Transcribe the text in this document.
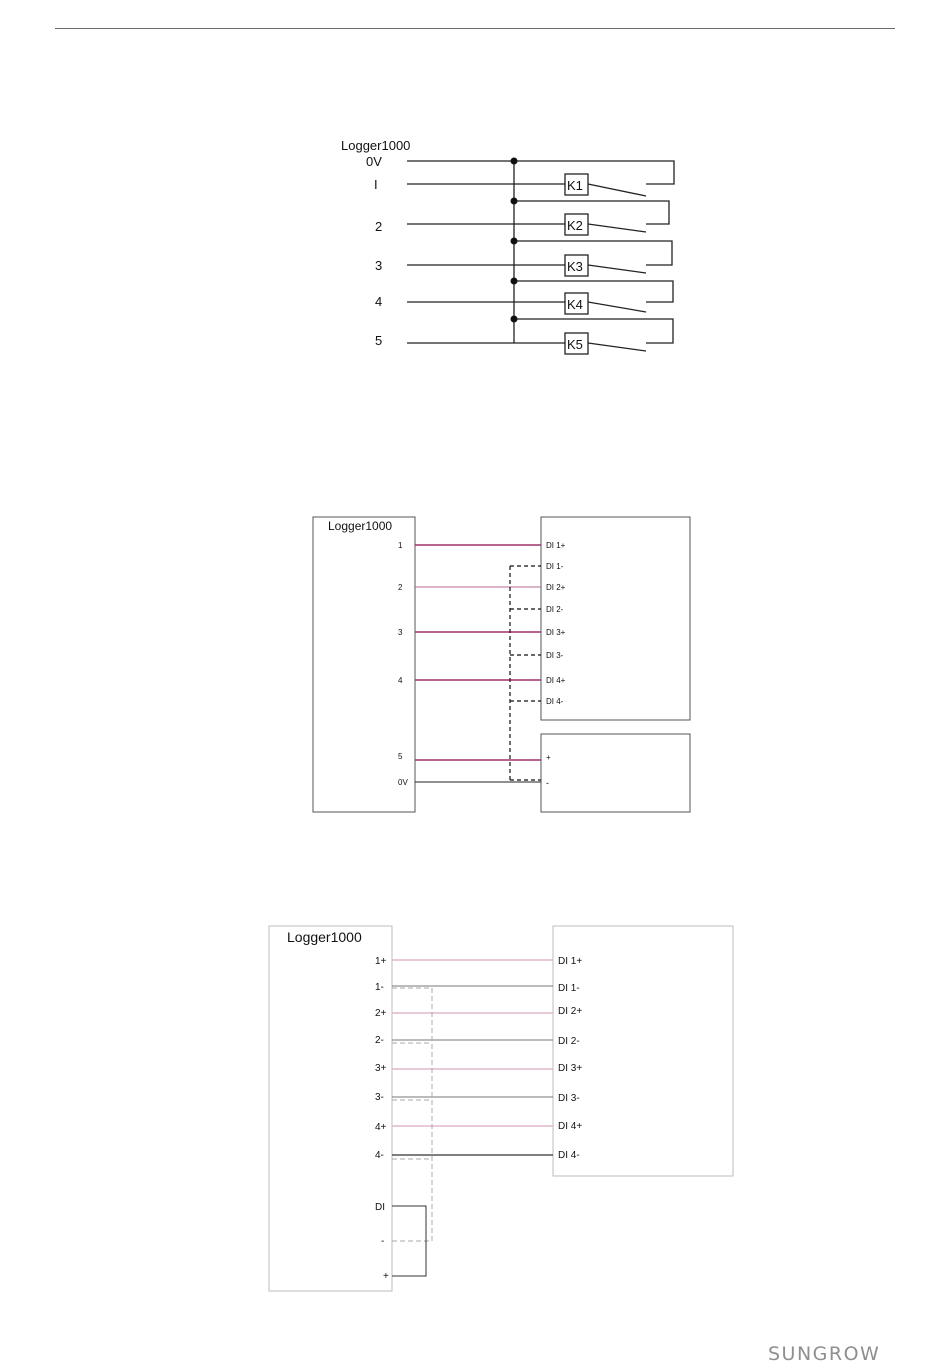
Logger1000
0V
I
2
3
4
5
K1
K2
K3
K4
K5
Logger1000
1
2
3
4
5
0V
DI 1+
DI 1-
DI 2+
DI 2-
DI 3+
DI 3-
DI 4+
DI 4-
+
-
Logger1000
1+
1-
2+
2-
3+
3-
4+
4-
DI
-
+
DI 1+
DI 1-
DI 2+
DI 2-
DI 3+
DI 3-
DI 4+
DI 4-
SUNGROW
